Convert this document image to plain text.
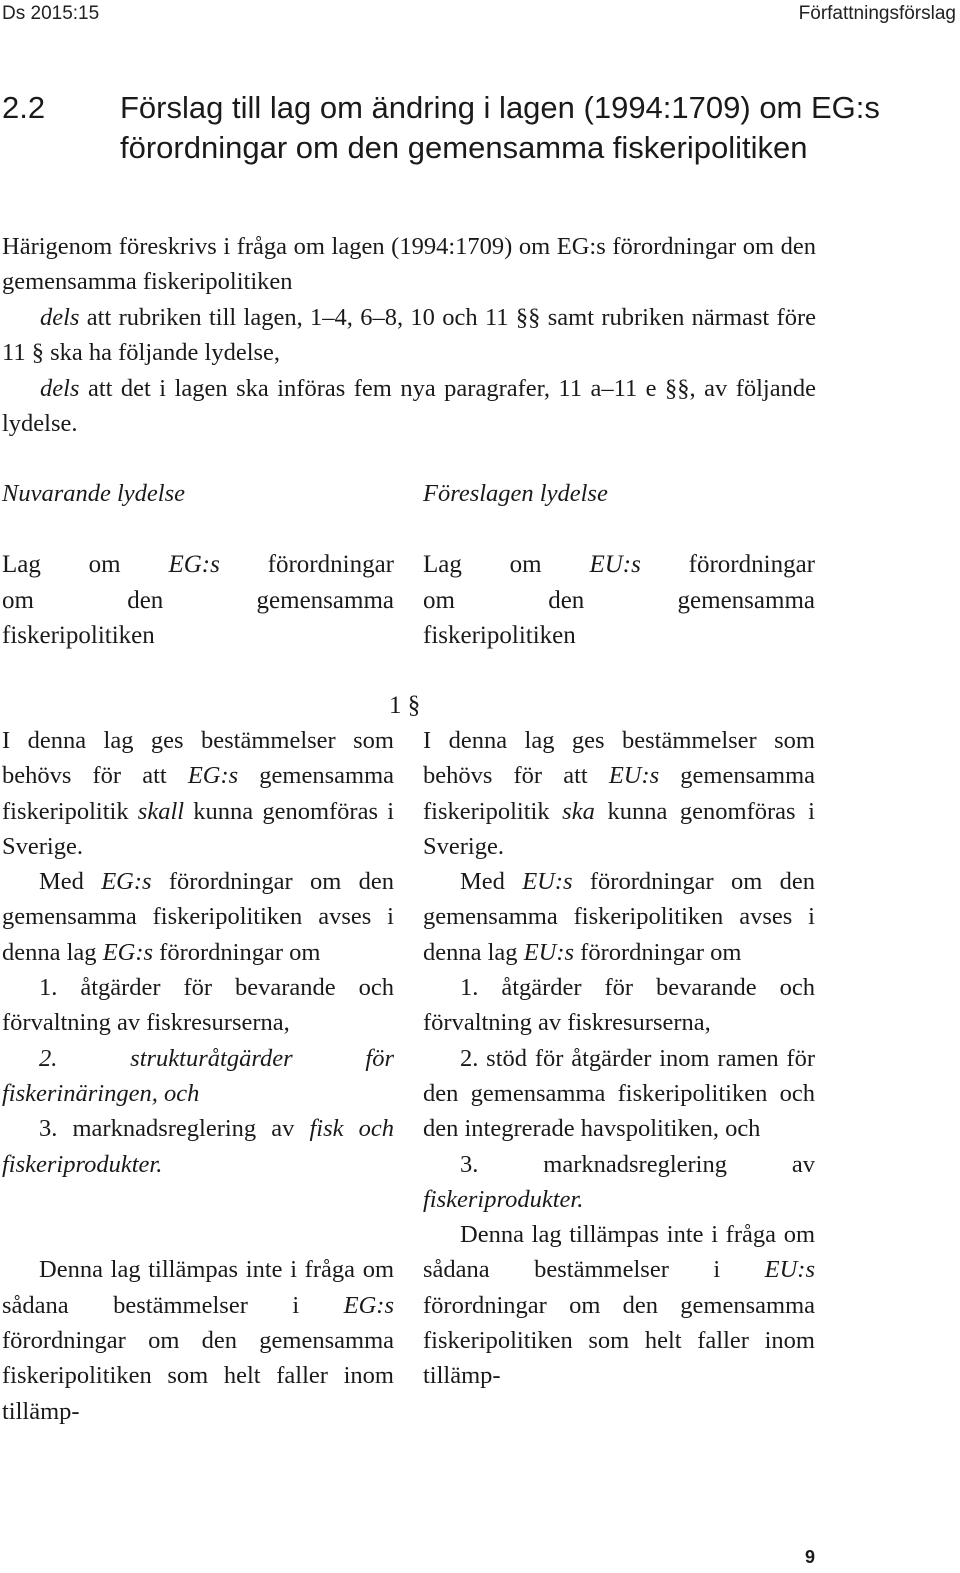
Ds 2015:15	Författningsförslag
2.2 Förslag till lag om ändring i lagen (1994:1709) om EG:s förordningar om den gemensamma fiskeripolitiken

Härigenom föreskrivs i fråga om lagen (1994:1709) om EG:s förordningar om den gemensamma fiskeripolitiken

dels att rubriken till lagen, 1–4, 6–8, 10 och 11 §§ samt rubriken närmast före 11 § ska ha följande lydelse,

dels att det i lagen ska införas fem nya paragrafer, 11 a–11 e §§, av följande lydelse.

Nuvarande lydelse	Föreslagen lydelse
Lag om EG:s förordningar
om den gemensamma
fiskeripolitiken
Lag om EU:s förordningar
om den gemensamma
fiskeripolitiken
1 §

I denna lag ges bestämmelser som behövs för att EG:s gemensamma fiskeripolitik skall kunna genomföras i Sverige.

Med EG:s förordningar om den gemensamma fiskeripolitiken avses i denna lag EG:s förordningar om

1. åtgärder för bevarande och förvaltning av fiskresurserna,

2. strukturåtgärder för fiskerinäringen, och

3. marknadsreglering av fisk och fiskeriprodukter.

Denna lag tillämpas inte i fråga om sådana bestämmelser i EG:s förordningar om den gemensamma fiskeripolitiken som helt faller inom tillämp-

I denna lag ges bestämmelser som behövs för att EU:s gemensamma fiskeripolitik ska kunna genomföras i Sverige.

Med EU:s förordningar om den gemensamma fiskeripolitiken avses i denna lag EU:s förordningar om

1. åtgärder för bevarande och förvaltning av fiskresurserna,

2. stöd för åtgärder inom ramen för den gemensamma fiskeripolitiken och den integrerade havspolitiken, och

3. marknadsreglering av fiskeriprodukter.

Denna lag tillämpas inte i fråga om sådana bestämmelser i EU:s förordningar om den gemensamma fiskeripolitiken som helt faller inom tillämp-

9
